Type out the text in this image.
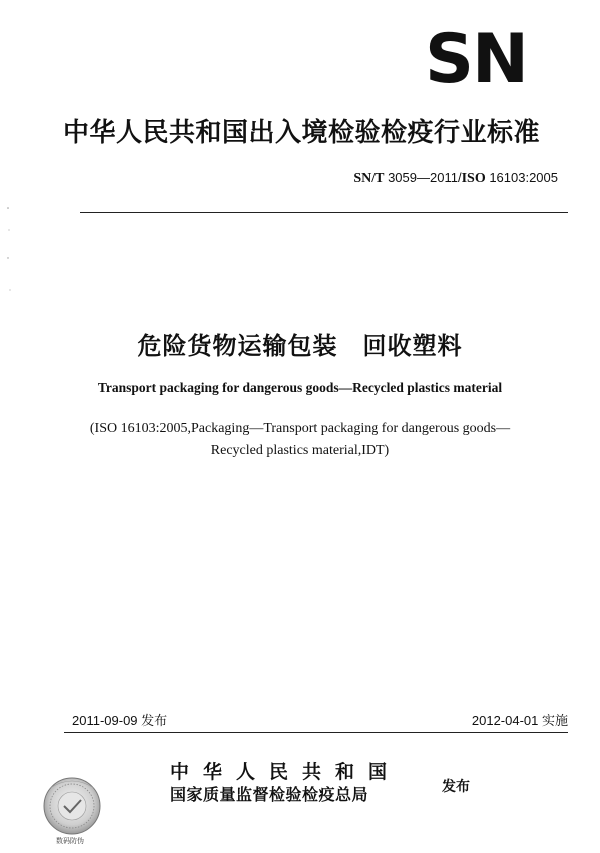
SN
中华人民共和国出入境检验检疫行业标准
SN/T 3059—2011/ISO 16103:2005
危险货物运输包装　回收塑料
Transport packaging for dangerous goods—Recycled plastics material
(ISO 16103:2005,Packaging—Transport packaging for dangerous goods—
Recycled plastics material,IDT)
2011-09-09 发布	2012-04-01 实施
中华人民共和国
国家质量监督检验检疫总局	发布
数码防伪
